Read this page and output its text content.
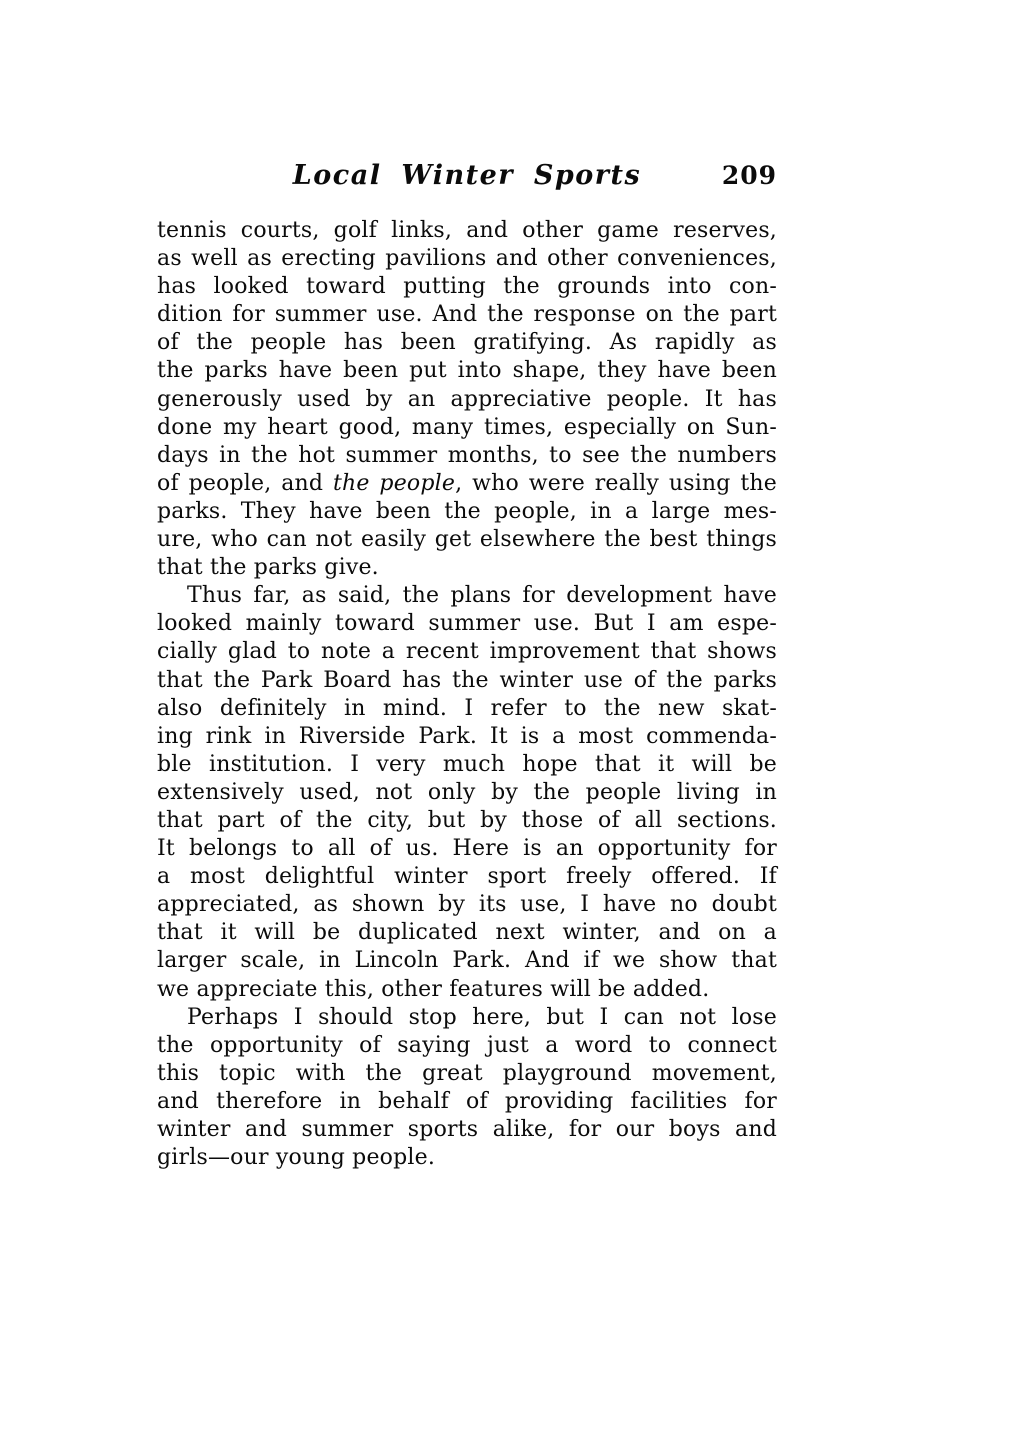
Local Winter Sports	209
tennis courts, golf links, and other game reserves,
as well as erecting pavilions and other conveniences,
has looked toward putting the grounds into con-
dition for summer use. And the response on the part
of the people has been gratifying. As rapidly as
the parks have been put into shape, they have been
generously used by an appreciative people. It has
done my heart good, many times, especially on Sun-
days in the hot summer months, to see the numbers
of people, and the people, who were really using the
parks. They have been the people, in a large mes-
ure, who can not easily get elsewhere the best things
that the parks give.
Thus far, as said, the plans for development have
looked mainly toward summer use. But I am espe-
cially glad to note a recent improvement that shows
that the Park Board has the winter use of the parks
also definitely in mind. I refer to the new skat-
ing rink in Riverside Park. It is a most commenda-
ble institution. I very much hope that it will be
extensively used, not only by the people living in
that part of the city, but by those of all sections.
It belongs to all of us. Here is an opportunity for
a most delightful winter sport freely offered. If
appreciated, as shown by its use, I have no doubt
that it will be duplicated next winter, and on a
larger scale, in Lincoln Park. And if we show that
we appreciate this, other features will be added.
Perhaps I should stop here, but I can not lose
the opportunity of saying just a word to connect
this topic with the great playground movement,
and therefore in behalf of providing facilities for
winter and summer sports alike, for our boys and
girls—our young people.
